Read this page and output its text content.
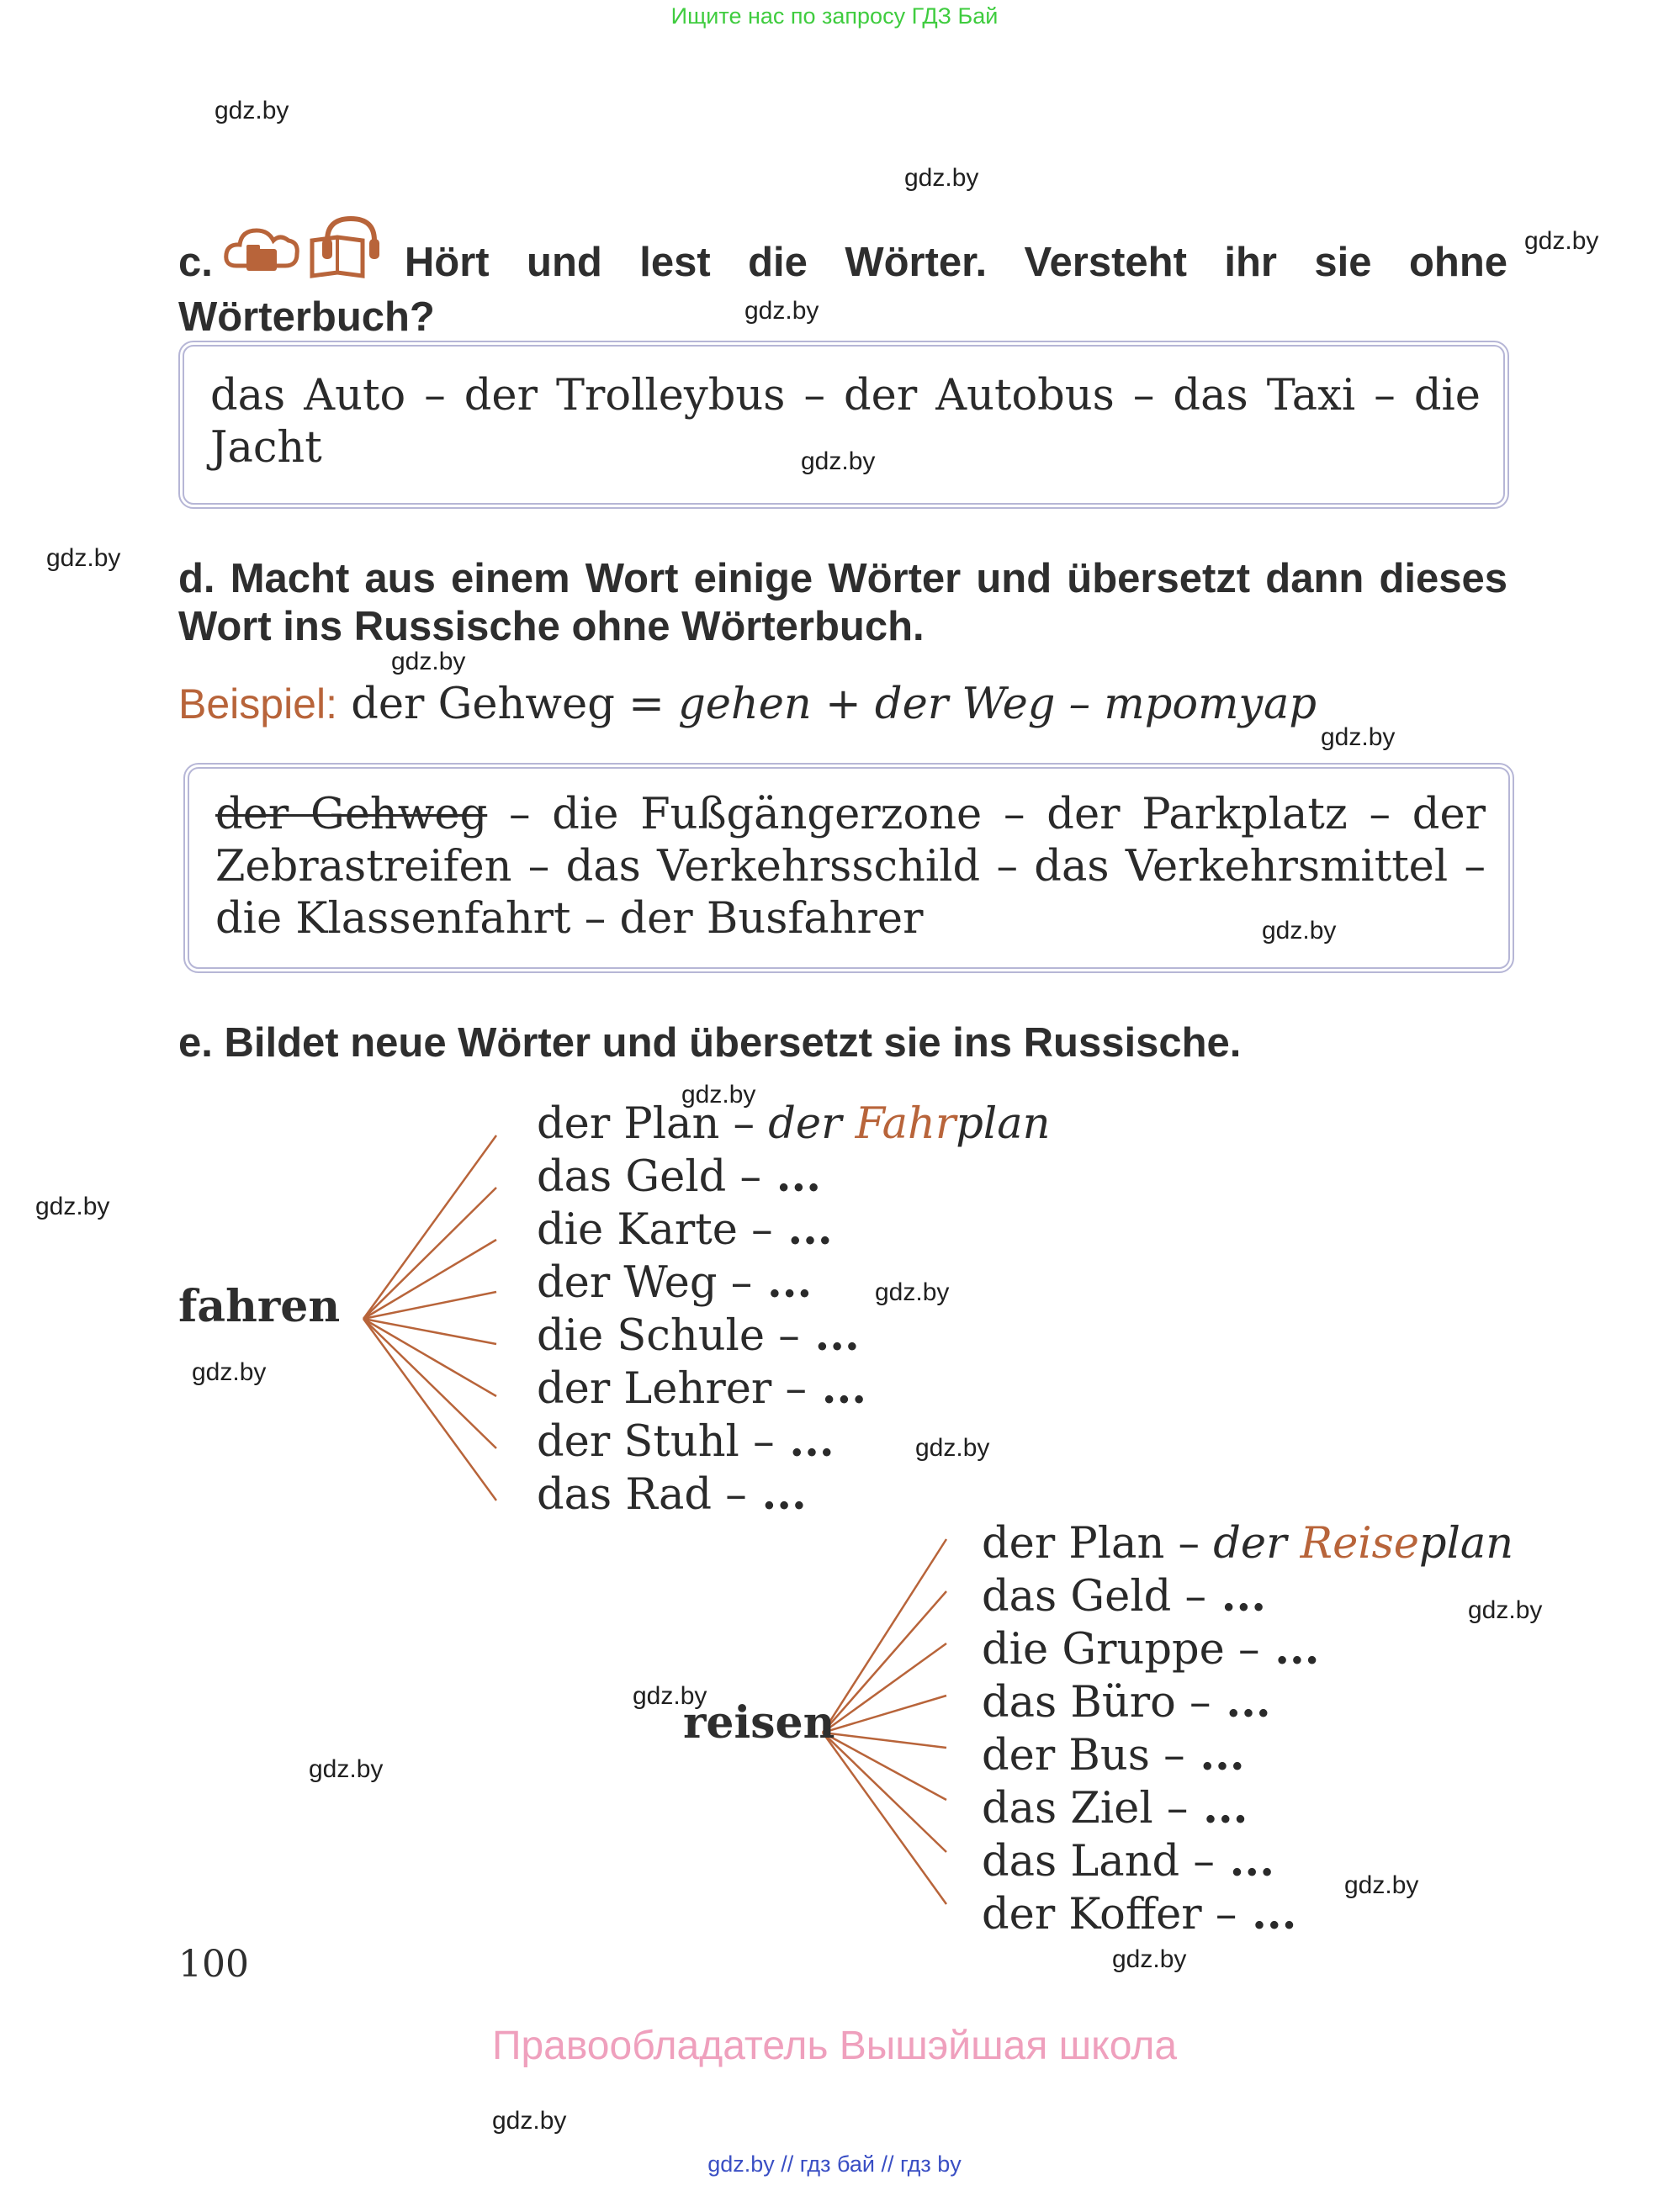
Ищите нас по запросу ГДЗ Бай
gdz.by
gdz.by
gdz.by
gdz.by
gdz.by
gdz.by
gdz.by
gdz.by
gdz.by
gdz.by
gdz.by
gdz.by
gdz.by
gdz.by
gdz.by
gdz.by
gdz.by
gdz.by
gdz.by
gdz.by
c.	Hört und lest die Wörter. Versteht ihr sie ohne Wörterbuch?
das Auto – der Trolleybus – der Autobus – das Taxi – die Jacht
d. Macht aus einem Wort einige Wörter und übersetzt dann dieses Wort ins Russische ohne Wörterbuch.
Beispiel: der Gehweg = gehen + der Weg – тротуар
der Gehweg – die Fußgängerzone – der Parkplatz – der Zebrastreifen – das Verkehrsschild – das Verkehrsmittel – die Klassenfahrt – der Busfahrer
e. Bildet neue Wörter und übersetzt sie ins Russische.
fahren
der Plan – der Fahrplan
das Geld – ...
die Karte – ...
der Weg – ...
die Schule – ...
der Lehrer – ...
der Stuhl – ...
das Rad – ...
reisen
der Plan – der Reiseplan
das Geld – ...
die Gruppe – ...
das Büro – ...
der Bus – ...
das Ziel – ...
das Land – ...
der Koffer – ...
100
Правообладатель Вышэйшая школа
gdz.by // гдз бай // гдз by
